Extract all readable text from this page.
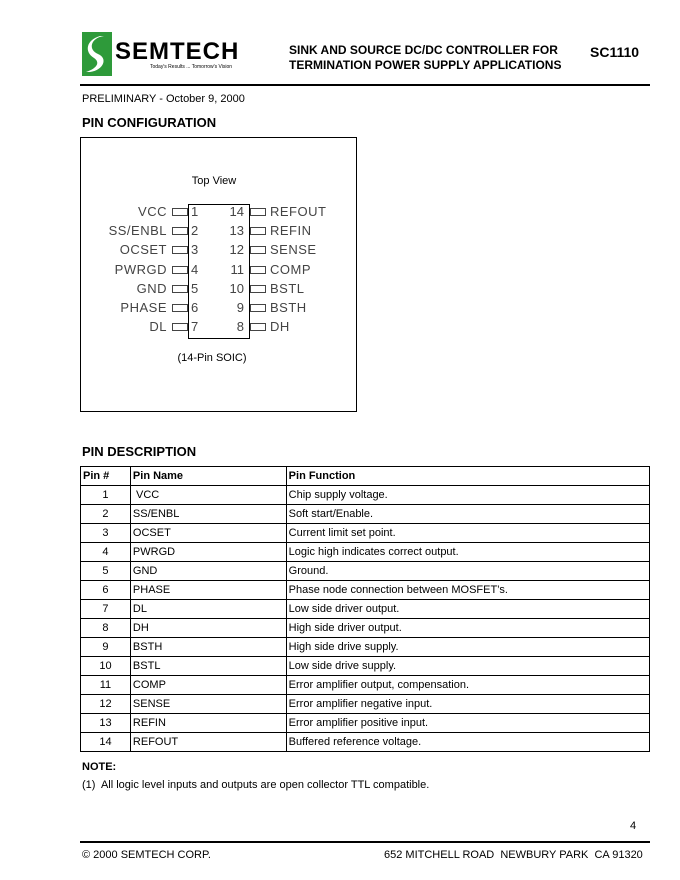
SEMTECH
Today's Results ... Tomorrow's Vision
SINK AND SOURCE DC/DC CONTROLLER FOR
TERMINATION POWER SUPPLY APPLICATIONS
SC1110
PRELIMINARY - October 9, 2000
PIN CONFIGURATION
Top View
VCC 1	14 REFOUT
SS/ENBL 2	13 REFIN
OCSET 3	12 SENSE
PWRGD 4	11 COMP
GND 5	10 BSTL
PHASE 6	9 BSTH
DL 7	8 DH
(14-Pin SOIC)
PIN DESCRIPTION
Pin #	Pin Name	Pin Function
1	VCC	Chip supply voltage.
2	SS/ENBL	Soft start/Enable.
3	OCSET	Current limit set point.
4	PWRGD	Logic high indicates correct output.
5	GND	Ground.
6	PHASE	Phase node connection between MOSFET’s.
7	DL	Low side driver output.
8	DH	High side driver output.
9	BSTH	High side drive supply.
10	BSTL	Low side drive supply.
11	COMP	Error amplifier output, compensation.
12	SENSE	Error amplifier negative input.
13	REFIN	Error amplifier positive input.
14	REFOUT	Buffered reference voltage.
NOTE:
(1)  All logic level inputs and outputs are open collector TTL compatible.
4
© 2000 SEMTECH CORP.	652 MITCHELL ROAD  NEWBURY PARK  CA 91320
